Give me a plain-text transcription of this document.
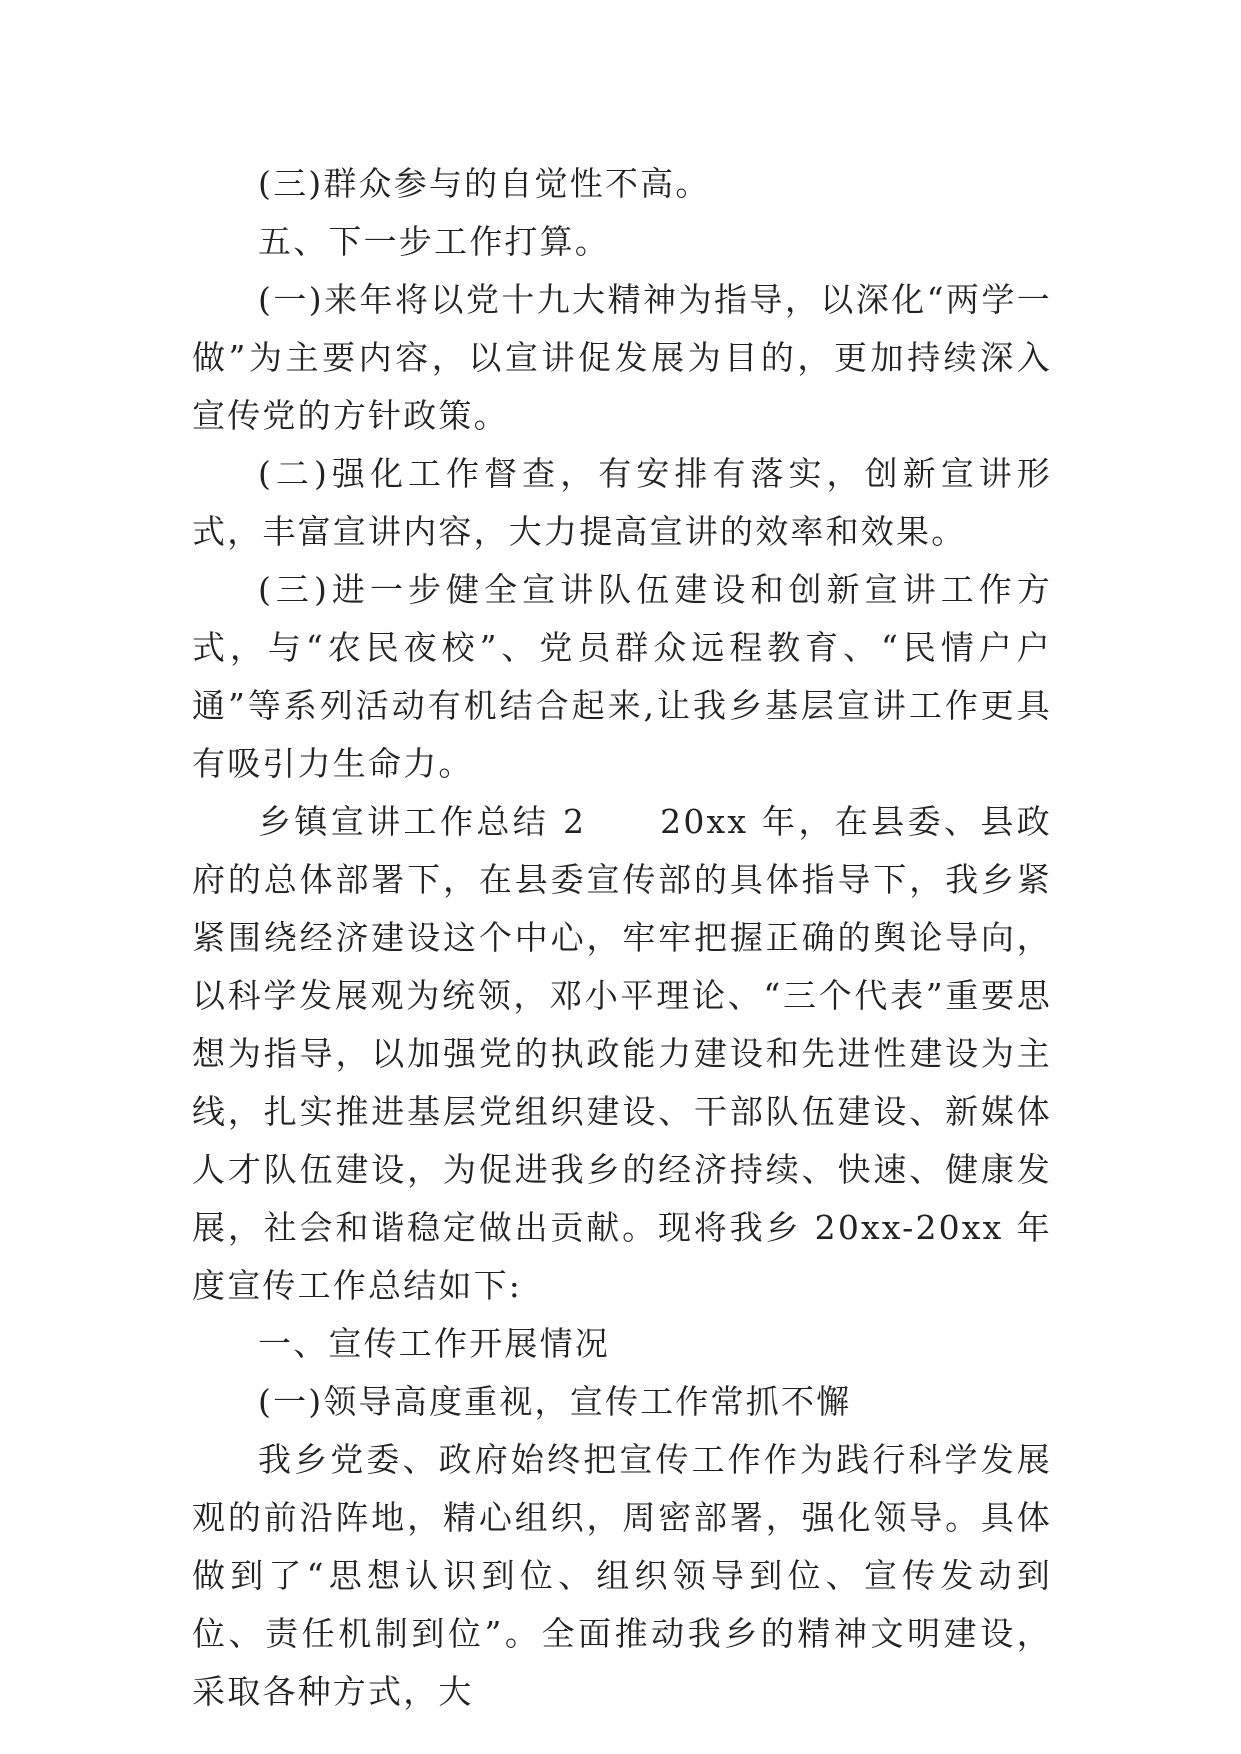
(三)群众参与的自觉性不高。

五、下一步工作打算。

(一)来年将以党十九大精神为指导，以深化“两学一做”为主要内容，以宣讲促发展为目的，更加持续深入宣传党的方针政策。

(二)强化工作督查，有安排有落实，创新宣讲形式，丰富宣讲内容，大力提高宣讲的效率和效果。

(三)进一步健全宣讲队伍建设和创新宣讲工作方式，与“农民夜校”、党员群众远程教育、“民情户户通”等系列活动有机结合起来,让我乡基层宣讲工作更具有吸引力生命力。

乡镇宣讲工作总结 2　　20xx 年，在县委、县政府的总体部署下，在县委宣传部的具体指导下，我乡紧紧围绕经济建设这个中心，牢牢把握正确的舆论导向，以科学发展观为统领，邓小平理论、“三个代表”重要思想为指导，以加强党的执政能力建设和先进性建设为主线，扎实推进基层党组织建设、干部队伍建设、新媒体人才队伍建设，为促进我乡的经济持续、快速、健康发展，社会和谐稳定做出贡献。现将我乡 20xx-20xx 年度宣传工作总结如下:

一、宣传工作开展情况

(一)领导高度重视，宣传工作常抓不懈

我乡党委、政府始终把宣传工作作为践行科学发展观的前沿阵地，精心组织，周密部署，强化领导。具体做到了“思想认识到位、组织领导到位、宣传发动到位、责任机制到位”。全面推动我乡的精神文明建设，采取各种方式，大
